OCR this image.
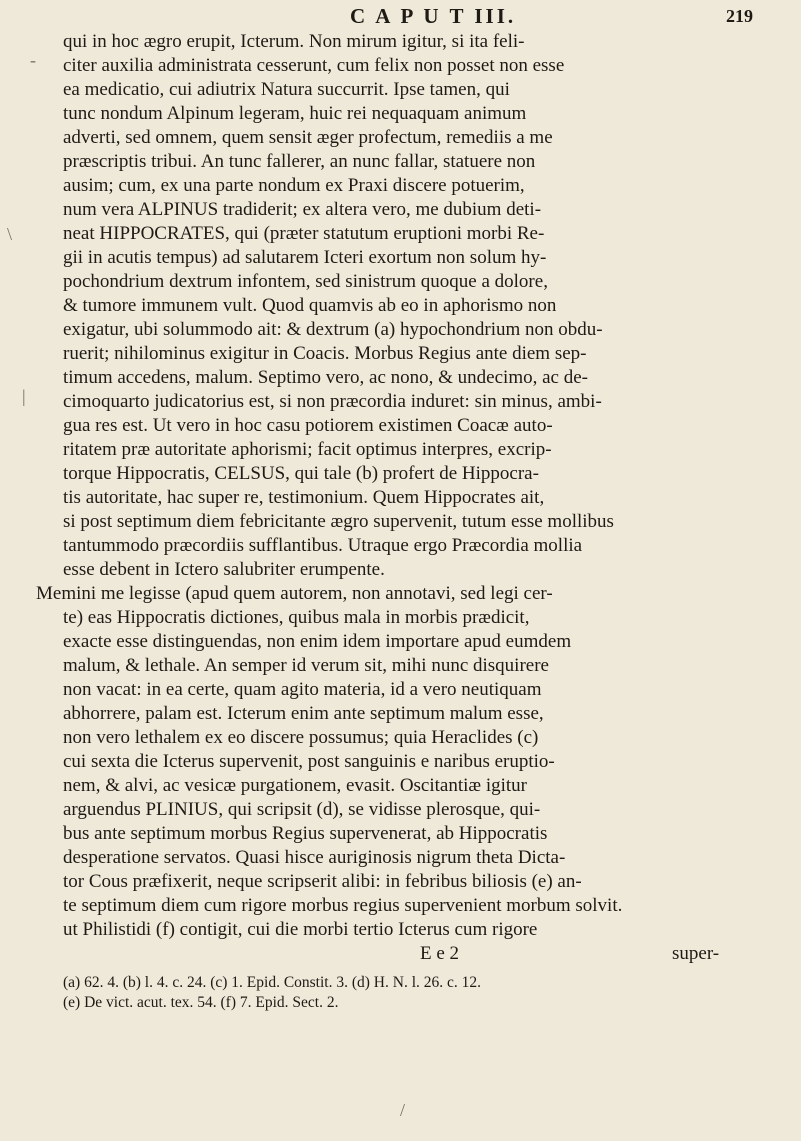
C A P U T III.	219
qui in hoc ægro erupit, Icterum. Non mirum igitur, si ita feli-
citer auxilia administrata cesserunt, cum felix non posset non esse
ea medicatio, cui adiutrix Natura succurrit. Ipse tamen, qui
tunc nondum Alpinum legeram, huic rei nequaquam animum
adverti, sed omnem, quem sensit æger profectum, remediis a me
præscriptis tribui. An tunc fallerer, an nunc fallar, statuere non
ausim; cum, ex una parte nondum ex Praxi discere potuerim,
num vera ALPINUS tradiderit; ex altera vero, me dubium deti-
neat HIPPOCRATES, qui (præter statutum eruptioni morbi Re-
gii in acutis tempus) ad salutarem Icteri exortum non solum hy-
pochondrium dextrum infontem, sed sinistrum quoque a dolore,
& tumore immunem vult. Quod quamvis ab eo in aphorismo non
exigatur, ubi solummodo ait: & dextrum (a) hypochondrium non obdu-
ruerit; nihilominus exigitur in Coacis. Morbus Regius ante diem sep-
timum accedens, malum. Septimo vero, ac nono, & undecimo, ac de-
cimoquarto judicatorius est, si non præcordia induret: sin minus, ambi-
gua res est. Ut vero in hoc casu potiorem existimen Coacæ auto-
ritatem præ autoritate aphorismi; facit optimus interpres, excrip-
torque Hippocratis, CELSUS, qui tale (b) profert de Hippocra-
tis autoritate, hac super re, testimonium. Quem Hippocrates ait,
si post septimum diem febricitante ægro supervenit, tutum esse mollibus
tantummodo præcordiis sufflantibus. Utraque ergo Præcordia mollia
esse debent in Ictero salubriter erumpente.
Memini me legisse (apud quem autorem, non annotavi, sed legi cer-
te) eas Hippocratis dictiones, quibus mala in morbis prædicit,
exacte esse distinguendas, non enim idem importare apud eumdem
malum, & lethale. An semper id verum sit, mihi nunc disquirere
non vacat: in ea certe, quam agito materia, id a vero neutiquam
abhorrere, palam est. Icterum enim ante septimum malum esse,
non vero lethalem ex eo discere possumus; quia Heraclides (c)
cui sexta die Icterus supervenit, post sanguinis e naribus eruptio-
nem, & alvi, ac vesicæ purgationem, evasit. Oscitantiæ igitur
arguendus PLINIUS, qui scripsit (d), se vidisse plerosque, qui-
bus ante septimum morbus Regius supervenerat, ab Hippocratis
desperatione servatos. Quasi hisce auriginosis nigrum theta Dicta-
tor Cous præfixerit, neque scripserit alibi: in febribus biliosis (e) an-
te septimum diem cum rigore morbus regius supervenient morbum solvit.
ut Philistidi (f) contigit, cui die morbi tertio Icterus cum rigore
E e 2	super-
(a) 62. 4. (b) l. 4. c. 24. (c) 1. Epid. Constit. 3. (d) H. N. l. 26. c. 12.
(e) De vict. acut. tex. 54. (f) 7. Epid. Sect. 2.
\
|
-
/
